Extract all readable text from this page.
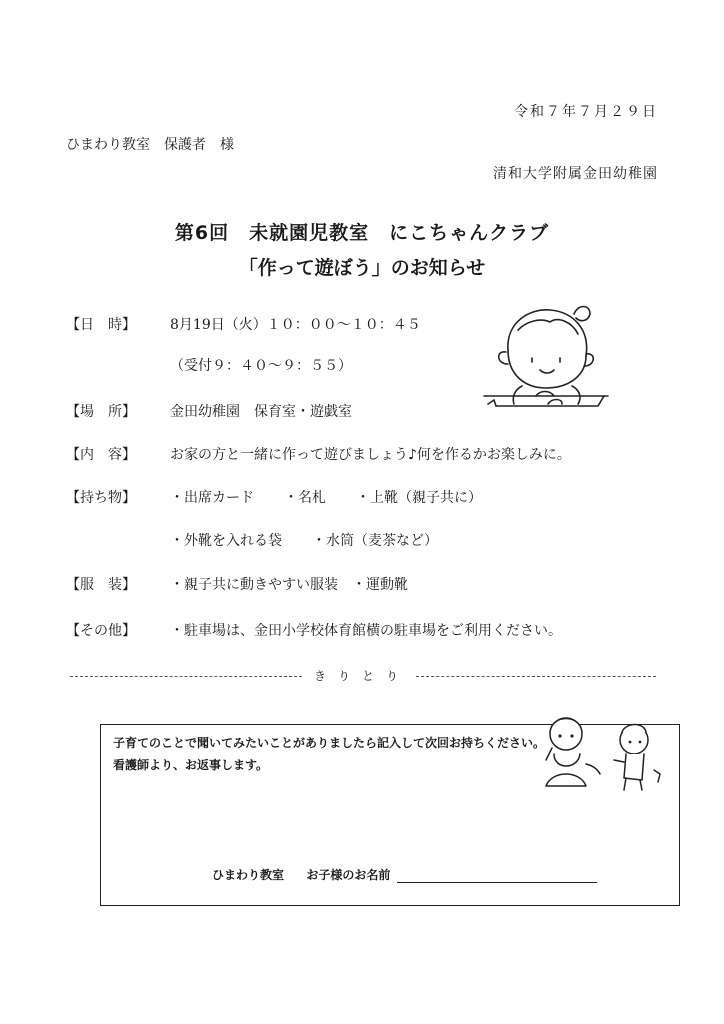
令和７年７月２９日
ひまわり教室　保護者　様
清和大学附属金田幼稚園
第6回　未就園児教室　にこちゃんクラブ
「作って遊ぼう」のお知らせ
【日　時】 8月19日（火）１０：００～１０：４５
（受付９：４０～９：５５）
【場　所】 金田幼稚園　保育室・遊戯室
【内　容】 お家の方と一緒に作って遊びましょう♪何を作るかお楽しみに。
【持ち物】 ・出席カード ・名札 ・上靴（親子共に）
・外靴を入れる袋 ・水筒（麦茶など）
【服　装】 ・親子共に動きやすい服装 ・運動靴
【その他】 ・駐車場は、金田小学校体育館横の駐車場をご利用ください。
きりとり
子育てのことで聞いてみたいことがありましたら記入して次回お持ちください。
看護師より、お返事します。
ひまわり教室 お子様のお名前
